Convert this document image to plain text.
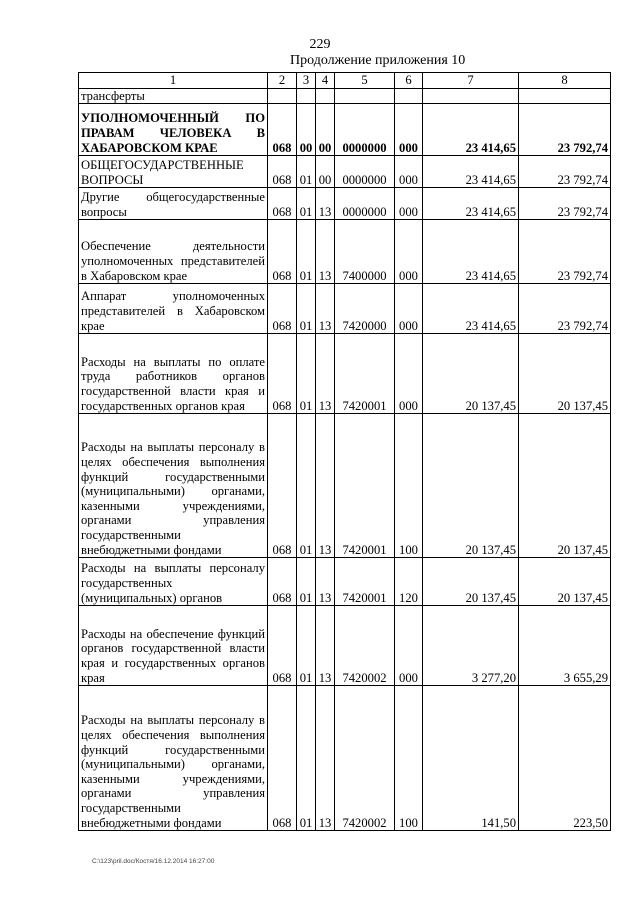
229
Продолжение приложения 10
1	2	3	4	5	6	7	8
трансферты							
УПОЛНОМОЧЕННЫЙ ПО ПРАВАМ ЧЕЛОВЕКА В ХАБАРОВСКОМ КРАЕ	068	00	00	0000000	000	23 414,65	23 792,74
ОБЩЕГОСУДАРСТВЕННЫЕ ВОПРОСЫ	068	01	00	0000000	000	23 414,65	23 792,74
Другие общегосударственные вопросы	068	01	13	0000000	000	23 414,65	23 792,74
Обеспечение деятельности уполномоченных представителей в Хабаровском крае	068	01	13	7400000	000	23 414,65	23 792,74
Аппарат уполномоченных представителей в Хабаровском крае	068	01	13	7420000	000	23 414,65	23 792,74
Расходы на выплаты по оплате труда работников органов государственной власти края и государственных органов края	068	01	13	7420001	000	20 137,45	20 137,45
Расходы на выплаты персоналу в целях обеспечения выполнения функций государственными (муниципальными) органами, казенными учреждениями, органами управления государственными внебюджетными фондами	068	01	13	7420001	100	20 137,45	20 137,45
Расходы на выплаты персоналу государственных (муниципальных) органов	068	01	13	7420001	120	20 137,45	20 137,45
Расходы на обеспечение функций органов государственной власти края и государственных органов края	068	01	13	7420002	000	3 277,20	3 655,29
Расходы на выплаты персоналу в целях обеспечения выполнения функций государственными (муниципальными) органами, казенными учреждениями, органами управления государственными внебюджетными фондами	068	01	13	7420002	100	141,50	223,50
C:\123\pril.doc/Костя/16.12.2014 16:27:00
